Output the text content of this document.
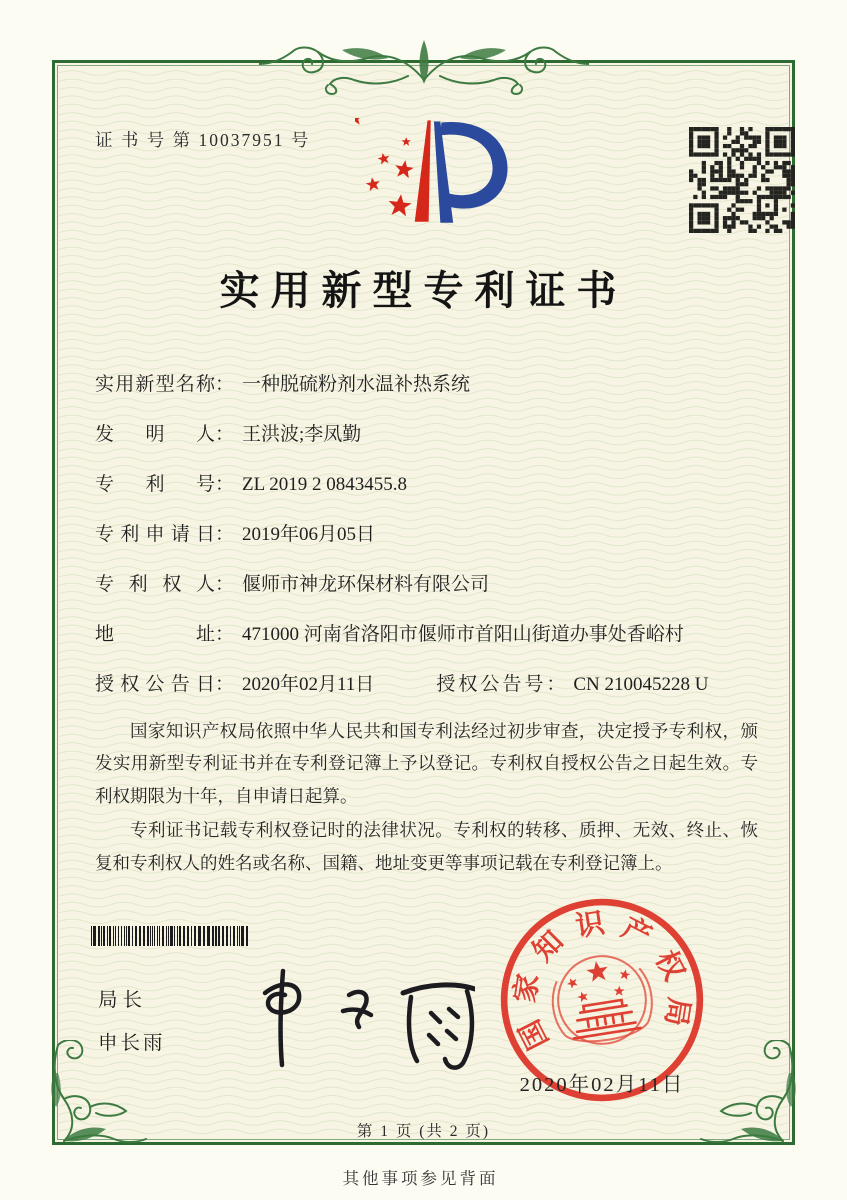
证 书 号 第 10037951 号
实用新型专利证书
实用新型名称： 一种脱硫粉剂水温补热系统
发明人： 王洪波;李凤勤
专利号： ZL 2019 2 0843455.8
专利申请日： 2019年06月05日
专利权人： 偃师市神龙环保材料有限公司
地址： 471000 河南省洛阳市偃师市首阳山街道办事处香峪村
授权公告日： 2020年02月11日	授权公告号： CN 210045228 U

国家知识产权局依照中华人民共和国专利法经过初步审查，决定授予专利权，颁发实用新型专利证书并在专利登记簿上予以登记。专利权自授权公告之日起生效。专利权期限为十年，自申请日起算。

专利证书记载专利权登记时的法律状况。专利权的转移、质押、无效、终止、恢复和专利权人的姓名或名称、国籍、地址变更等事项记载在专利登记簿上。

局长
申长雨	国
家
知
识 产
权
局
2020年02月11日
第 1 页 (共 2 页)
其他事项参见背面
